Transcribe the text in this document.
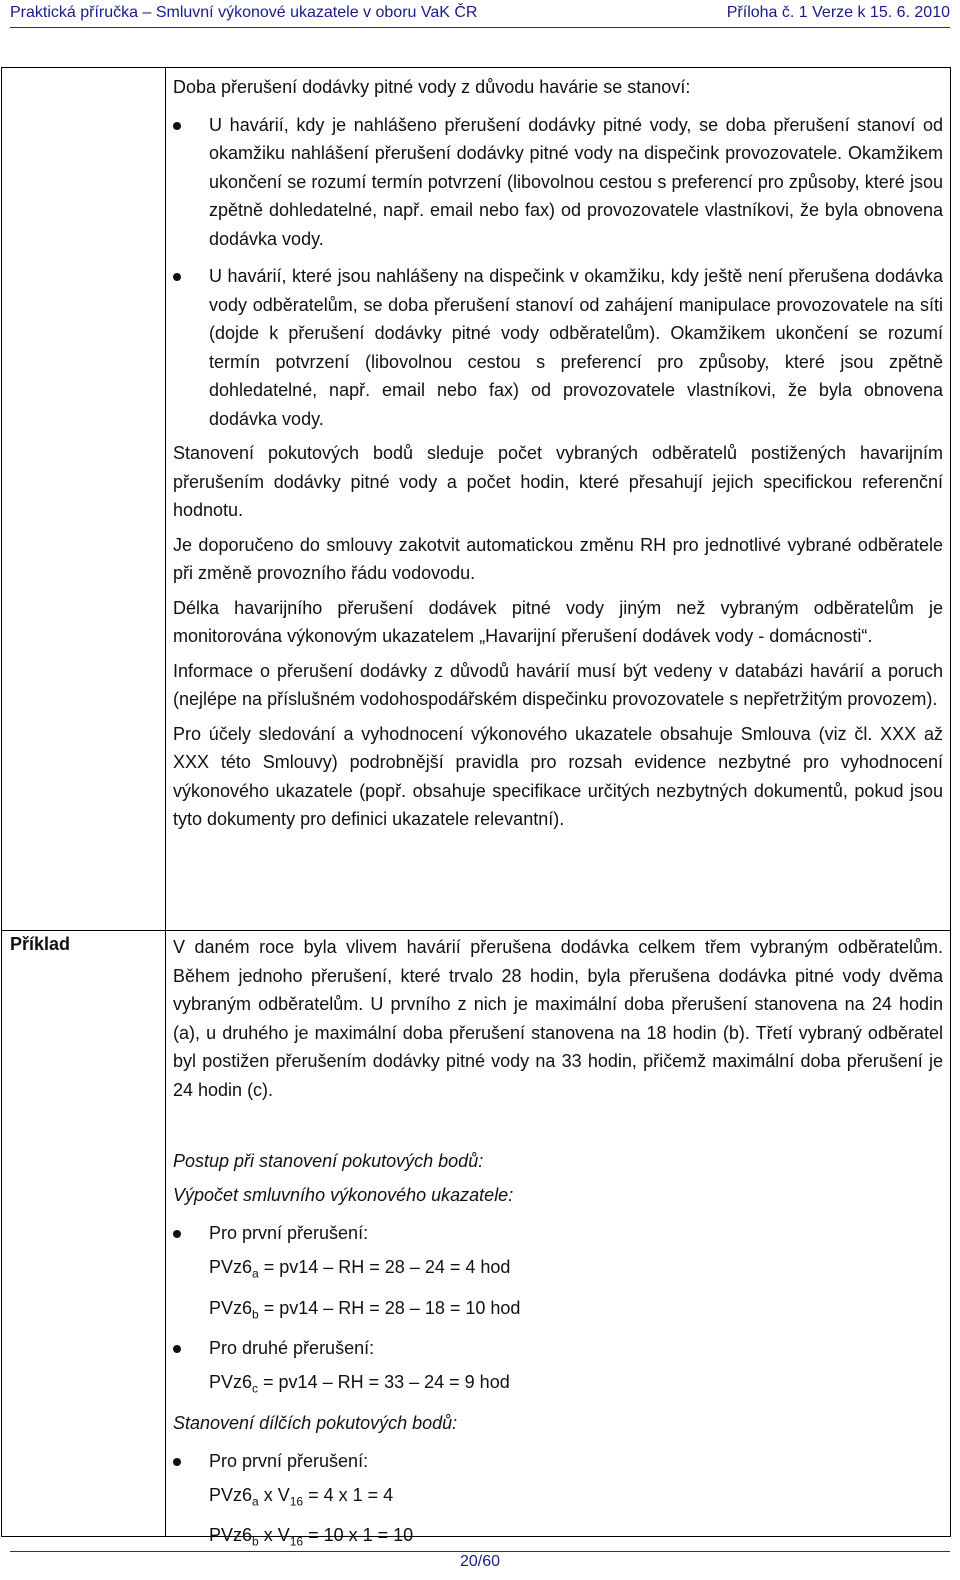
Praktická příručka – Smluvní výkonové ukazatele v oboru VaK ČR	Příloha č. 1 Verze k 15. 6. 2010

Doba přerušení dodávky pitné vody z důvodu havárie se stanoví:

U havárií, kdy je nahlášeno přerušení dodávky pitné vody, se doba přerušení stanoví od okamžiku nahlášení přerušení dodávky pitné vody na dispečink provozovatele. Okamžikem ukončení se rozumí termín potvrzení (libovolnou cestou s preferencí pro způsoby, které jsou zpětně dohledatelné, např. email nebo fax) od provozovatele vlastníkovi, že byla obnovena dodávka vody.
U havárií, které jsou nahlášeny na dispečink v okamžiku, kdy ještě není přerušena dodávka vody odběratelům, se doba přerušení stanoví od zahájení manipulace provozovatele na síti (dojde k přerušení dodávky pitné vody odběratelům). Okamžikem ukončení se rozumí termín potvrzení (libovolnou cestou s preferencí pro způsoby, které jsou zpětně dohledatelné, např. email nebo fax) od provozovatele vlastníkovi, že byla obnovena dodávka vody.

Stanovení pokutových bodů sleduje počet vybraných odběratelů postižených havarijním přerušením dodávky pitné vody a počet hodin, které přesahují jejich specifickou referenční hodnotu.

Je doporučeno do smlouvy zakotvit automatickou změnu RH pro jednotlivé vybrané odběratele při změně provozního řádu vodovodu.

Délka havarijního přerušení dodávek pitné vody jiným než vybraným odběratelům je monitorována výkonovým ukazatelem „Havarijní přerušení dodávek vody - domácnosti“.

Informace o přerušení dodávky z důvodů havárií musí být vedeny v databázi havárií a poruch (nejlépe na příslušném vodohospodářském dispečinku provozovatele s nepřetržitým provozem).

Pro účely sledování a vyhodnocení výkonového ukazatele obsahuje Smlouva (viz čl. XXX až XXX této Smlouvy) podrobnější pravidla pro rozsah evidence nezbytné pro vyhodnocení výkonového ukazatele (popř. obsahuje specifikace určitých nezbytných dokumentů, pokud jsou tyto dokumenty pro definici ukazatele relevantní).

Příklad	V daném roce byla vlivem havárií přerušena dodávka celkem třem vybraným odběratelům. Během jednoho přerušení, které trvalo 28 hodin, byla přerušena dodávka pitné vody dvěma vybraným odběratelům. U prvního z nich je maximální doba přerušení stanovena na 24 hodin (a), u druhého je maximální doba přerušení stanovena na 18 hodin (b). Třetí vybraný odběratel byl postižen přerušením dodávky pitné vody na 33 hodin, přičemž maximální doba přerušení je 24 hodin (c).

Postup při stanovení pokutových bodů:

Výpočet smluvního výkonového ukazatele:

Pro první přerušení:

$PVz6_a = pv14$ – RH = 28 – 24 = 4 hod

$PVz6_b = pv14$ – RH = 28 – 18 = 10 hod

Pro druhé přerušení:

$PVz6_c = pv14$ – RH = 33 – 24 = 9 hod

Stanovení dílčích pokutových bodů:

Pro první přerušení:

$PVz6_a$ x $V_{16} = 4$ x 1 = 4

$PVz6_b$ x $V_{16} = 10$ x 1 = 10

20/60
